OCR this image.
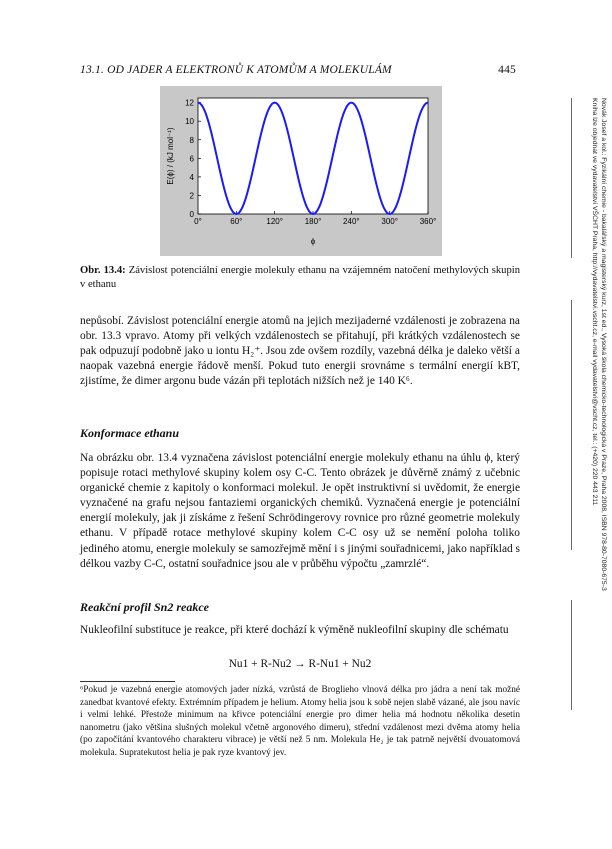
13.1. OD JADER A ELEKTRONŮ K ATOMŮM A MOLEKULÁM	445
Novák Josef a kol.: Fyzikální chemie - bakalářský a magisterský kurz, 1st ed., Vysoká škola chemicko-technologická v Praze, Praha 2008, ISBN 978-80-7080-675-3
Kniha lze objednat ve vydavatelství VŠCHT Praha, http://vydavatelstvi.vscht.cz, e-mail vydavatelstvi@vscht.cz, tel.: (+420) 220 443 211
0°	60°	120°	180°	240°	300°	360°
0
2
4
6
8
10
12
E(ϕ) / (kJ mol⁻¹)
ϕ
Obr. 13.4: Závislost potenciální energie molekuly ethanu na vzájemném natočení methylových skupin v ethanu
nepůsobí. Závislost potenciální energie atomů na jejich mezijaderné vzdálenosti je zobrazena na obr. 13.3 vpravo. Atomy při velkých vzdálenostech se přitahují, při krátkých vzdálenostech se pak odpuzují podobně jako u iontu H₂⁺. Jsou zde ovšem rozdíly, vazebná délka je daleko větší a naopak vazebná energie řádově menší. Pokud tuto energii srovnáme s termální energií kBT, zjistíme, že dimer argonu bude vázán při teplotách nižších než je 140 K⁶.
Konformace ethanu
Na obrázku obr. 13.4 vyznačena závislost potenciální energie molekuly ethanu na úhlu ϕ, který popisuje rotaci methylové skupiny kolem osy C-C. Tento obrázek je důvěrně známý z učebnic organické chemie z kapitoly o konformaci molekul. Je opět instruktivní si uvědomit, že energie vyznačené na grafu nejsou fantaziemi organických chemiků. Vyznačená energie je potenciální energií molekuly, jak ji získáme z řešení Schrödingerovy rovnice pro různé geometrie molekuly ethanu. V případě rotace methylové skupiny kolem C-C osy už se nemění poloha toliko jediného atomu, energie molekuly se samozřejmě mění i s jinými souřadnicemi, jako například s délkou vazby C-C, ostatní souřadnice jsou ale v průběhu výpočtu „zamrzlé“.
Reakční profil Sn2 reakce
Nukleofilní substituce je reakce, při které dochází k výměně nukleofilní skupiny dle schématu
Nu1 + R-Nu2 → R-Nu1 + Nu2
⁶Pokud je vazebná energie atomových jader nízká, vzrůstá de Broglieho vlnová délka pro jádra a není tak možné zanedbat kvantové efekty. Extrémním případem je helium. Atomy helia jsou k sobě nejen slabě vázané, ale jsou navíc i velmi lehké. Přestože minimum na křivce potenciální energie pro dimer helia má hodnotu několika desetin nanometru (jako většina slušných molekul včetně argonového dimeru), střední vzdálenost mezi dvěma atomy helia (po započítání kvantového charakteru vibrace) je větší než 5 nm. Molekula He₂ je tak patrně největší dvouatomová molekula. Supratekutost helia je pak ryze kvantový jev.
